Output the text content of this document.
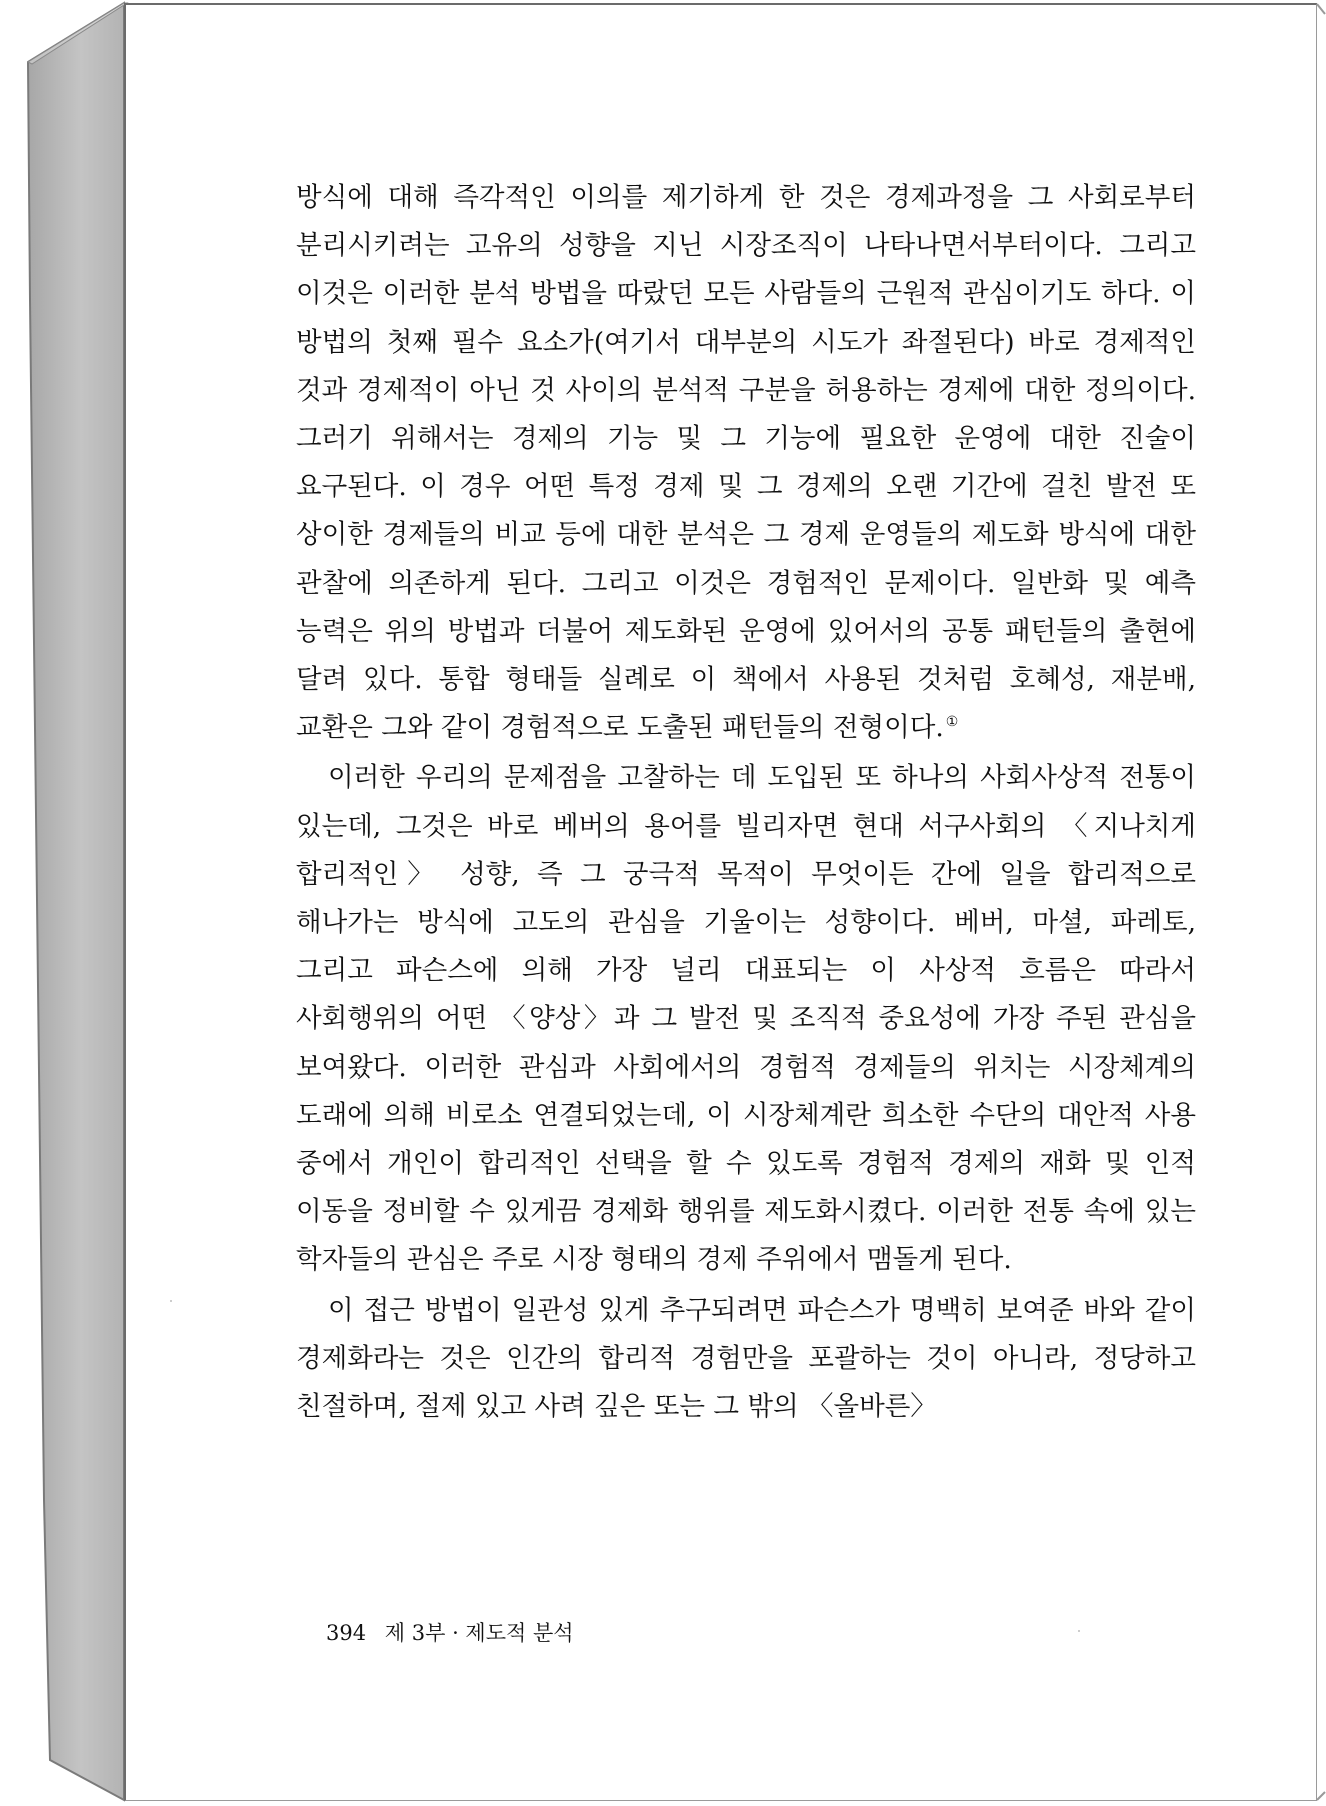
방식에 대해 즉각적인 이의를 제기하게 한 것은 경제과정을 그 사회로부터 분리시키려는 고유의 성향을 지닌 시장조직이 나타나면서부터이다. 그리고 이것은 이러한 분석 방법을 따랐던 모든 사람들의 근원적 관심이기도 하다. 이 방법의 첫째 필수 요소가(여기서 대부분의 시도가 좌절된다) 바로 경제적인 것과 경제적이 아닌 것 사이의 분석적 구분을 허용하는 경제에 대한 정의이다. 그러기 위해서는 경제의 기능 및 그 기능에 필요한 운영에 대한 진술이 요구된다. 이 경우 어떤 특정 경제 및 그 경제의 오랜 기간에 걸친 발전 또 상이한 경제들의 비교 등에 대한 분석은 그 경제 운영들의 제도화 방식에 대한 관찰에 의존하게 된다. 그리고 이것은 경험적인 문제이다. 일반화 및 예측 능력은 위의 방법과 더불어 제도화된 운영에 있어서의 공통 패턴들의 출현에 달려 있다. 통합 형태들 실례로 이 책에서 사용된 것처럼 호혜성, 재분배, 교환은 그와 같이 경험적으로 도출된 패턴들의 전형이다. ①

이러한 우리의 문제점을 고찰하는 데 도입된 또 하나의 사회사상적 전통이 있는데, 그것은 바로 베버의 용어를 빌리자면 현대 서구사회의 〈지나치게 합리적인〉 성향, 즉 그 궁극적 목적이 무엇이든 간에 일을 합리적으로 해나가는 방식에 고도의 관심을 기울이는 성향이다. 베버, 마셜, 파레토, 그리고 파슨스에 의해 가장 널리 대표되는 이 사상적 흐름은 따라서 사회행위의 어떤 〈양상〉과 그 발전 및 조직적 중요성에 가장 주된 관심을 보여왔다. 이러한 관심과 사회에서의 경험적 경제들의 위치는 시장체계의 도래에 의해 비로소 연결되었는데, 이 시장체계란 희소한 수단의 대안적 사용 중에서 개인이 합리적인 선택을 할 수 있도록 경험적 경제의 재화 및 인적 이동을 정비할 수 있게끔 경제화 행위를 제도화시켰다. 이러한 전통 속에 있는 학자들의 관심은 주로 시장 형태의 경제 주위에서 맴돌게 된다.

이 접근 방법이 일관성 있게 추구되려면 파슨스가 명백히 보여준 바와 같이 경제화라는 것은 인간의 합리적 경험만을 포괄하는 것이 아니라, 정당하고 친절하며, 절제 있고 사려 깊은 또는 그 밖의 〈올바른〉

394 제 3부 · 제도적 분석
